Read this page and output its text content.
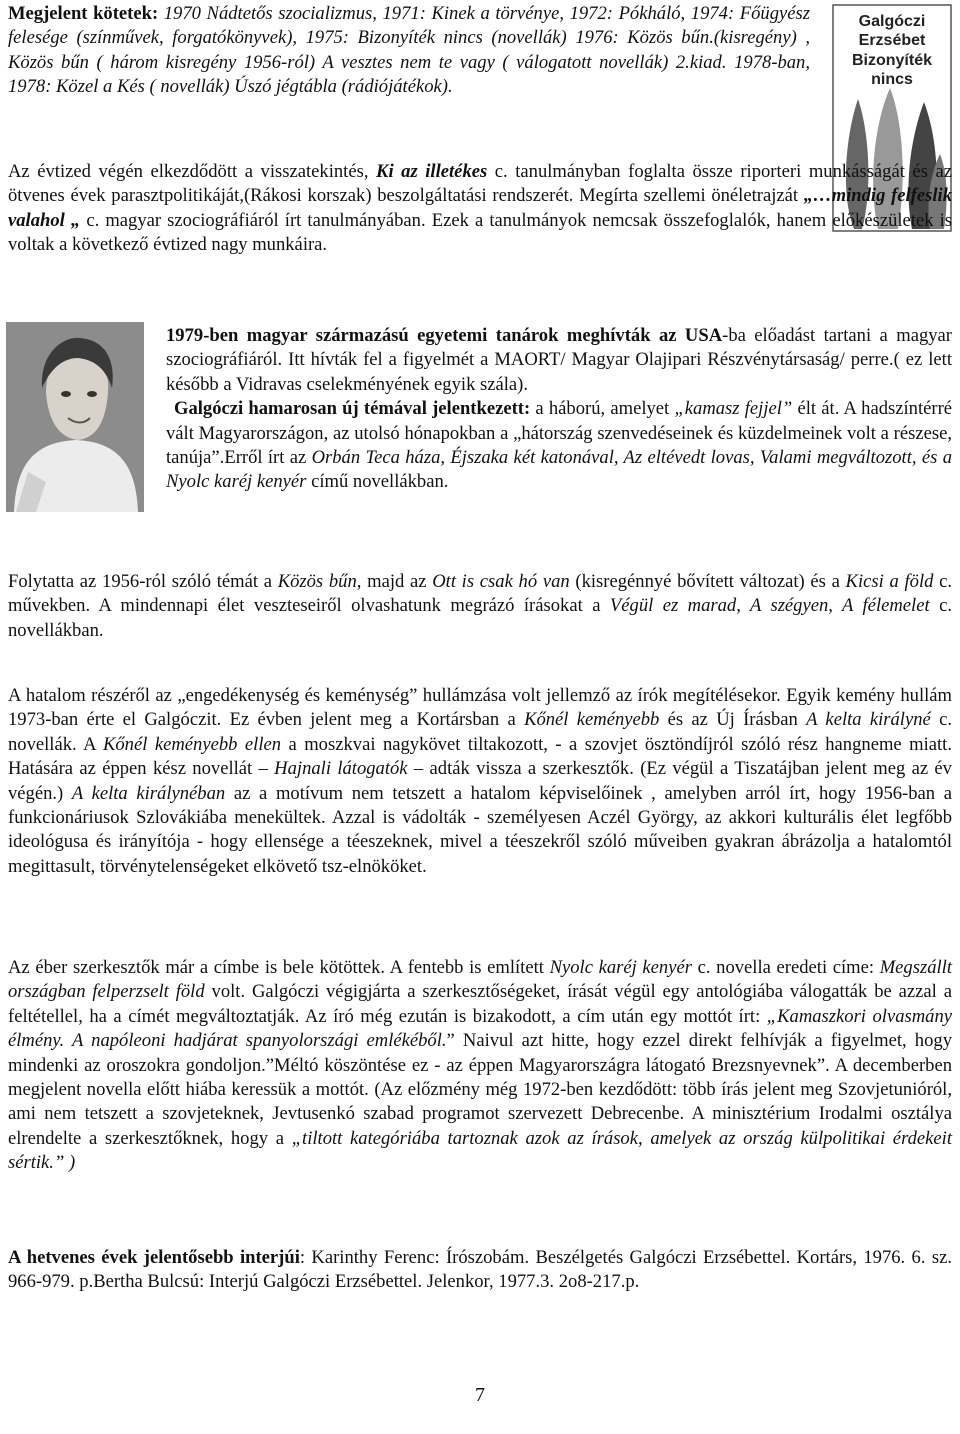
Galgóczi
Erzsébet
Bizonyíték
nincs

Megjelent kötetek: 1970 Nádtetős szocializmus, 1971: Kinek a törvénye, 1972: Pókháló, 1974: Főügyész felesége (színművek, forgatókönyvek), 1975: Bizonyíték nincs (novellák) 1976: Közös bűn.(kisregény) , Közös bűn ( három kisregény 1956-ról) A vesztes nem te vagy ( válogatott novellák) 2.kiad. 1978-ban, 1978: Közel a Kés ( novellák) Úszó jégtábla (rádiójátékok).

Az évtized végén elkezdődött a visszatekintés, Ki az illetékes c. tanulmányban foglalta össze riporteri munkásságát és az ötvenes évek parasztpolitikáját,(Rákosi korszak) beszolgáltatási rendszerét. Megírta szellemi önéletrajzát „…mindig felfeslik valahol „ c. magyar szociográfiáról írt tanulmányában. Ezek a tanulmányok nemcsak összefoglalók, hanem előkészületek is voltak a következő évtized nagy munkáira.

1979-ben magyar származású egyetemi tanárok meghívták az USA-ba előadást tartani a magyar szociográfiáról. Itt hívták fel a figyelmét a MAORT/ Magyar Olajipari Részvénytársaság/ perre.( ez lett később a Vidravas cselekményének egyik szála).

Galgóczi hamarosan új témával jelentkezett: a háború, amelyet „kamasz fejjel” élt át. A hadszíntérré vált Magyarországon, az utolsó hónapokban a „hátország szenvedéseinek és küzdelmeinek volt a részese, tanúja”.Erről írt az Orbán Teca háza, Éjszaka két katonával, Az eltévedt lovas, Valami megváltozott, és a Nyolc karéj kenyér című novellákban.

Folytatta az 1956-ról szóló témát a Közös bűn, majd az Ott is csak hó van (kisregénnyé bővített változat) és a Kicsi a föld c. művekben. A mindennapi élet veszteseiről olvashatunk megrázó írásokat a Végül ez marad, A szégyen, A félemelet c. novellákban.

A hatalom részéről az „engedékenység és keménység” hullámzása volt jellemző az írók megítélésekor. Egyik kemény hullám 1973-ban érte el Galgóczit. Ez évben jelent meg a Kortársban a Kőnél keményebb és az Új Írásban A kelta királyné c. novellák. A Kőnél keményebb ellen a moszkvai nagykövet tiltakozott, - a szovjet ösztöndíjról szóló rész hangneme miatt. Hatására az éppen kész novellát – Hajnali látogatók – adták vissza a szerkesztők. (Ez végül a Tiszatájban jelent meg az év végén.) A kelta királynéban az a motívum nem tetszett a hatalom képviselőinek , amelyben arról írt, hogy 1956-ban a funkcionáriusok Szlovákiába menekültek. Azzal is vádolták - személyesen Aczél György, az akkori kulturális élet legfőbb ideológusa és irányítója - hogy ellensége a téeszeknek, mivel a téeszekről szóló műveiben gyakran ábrázolja a hatalomtól megittasult, törvénytelenségeket elkövető tsz-elnököket.

Az éber szerkesztők már a címbe is bele kötöttek. A fentebb is említett Nyolc karéj kenyér c. novella eredeti címe: Megszállt országban felperzselt föld volt. Galgóczi végigjárta a szerkesztőségeket, írását végül egy antológiába válogatták be azzal a feltétellel, ha a címét megváltoztatják. Az író még ezután is bizakodott, a cím után egy mottót írt: „Kamaszkori olvasmány élmény. A napóleoni hadjárat spanyolországi emlékéből.” Naivul azt hitte, hogy ezzel direkt felhívják a figyelmet, hogy mindenki az oroszokra gondoljon.”Méltó köszöntése ez - az éppen Magyarországra látogató Brezsnyevnek”. A decemberben megjelent novella előtt hiába keressük a mottót. (Az előzmény még 1972-ben kezdődött: több írás jelent meg Szovjetunióról, ami nem tetszett a szovjeteknek, Jevtusenkó szabad programot szervezett Debrecenbe. A minisztérium Irodalmi osztálya elrendelte a szerkesztőknek, hogy a „tiltott kategóriába tartoznak azok az írások, amelyek az ország külpolitikai érdekeit sértik.” )

A hetvenes évek jelentősebb interjúi: Karinthy Ferenc: Írószobám. Beszélgetés Galgóczi Erzsébettel. Kortárs, 1976. 6. sz. 966-979. p.Bertha Bulcsú: Interjú Galgóczi Erzsébettel. Jelenkor, 1977.3. 2o8-217.p.

7
